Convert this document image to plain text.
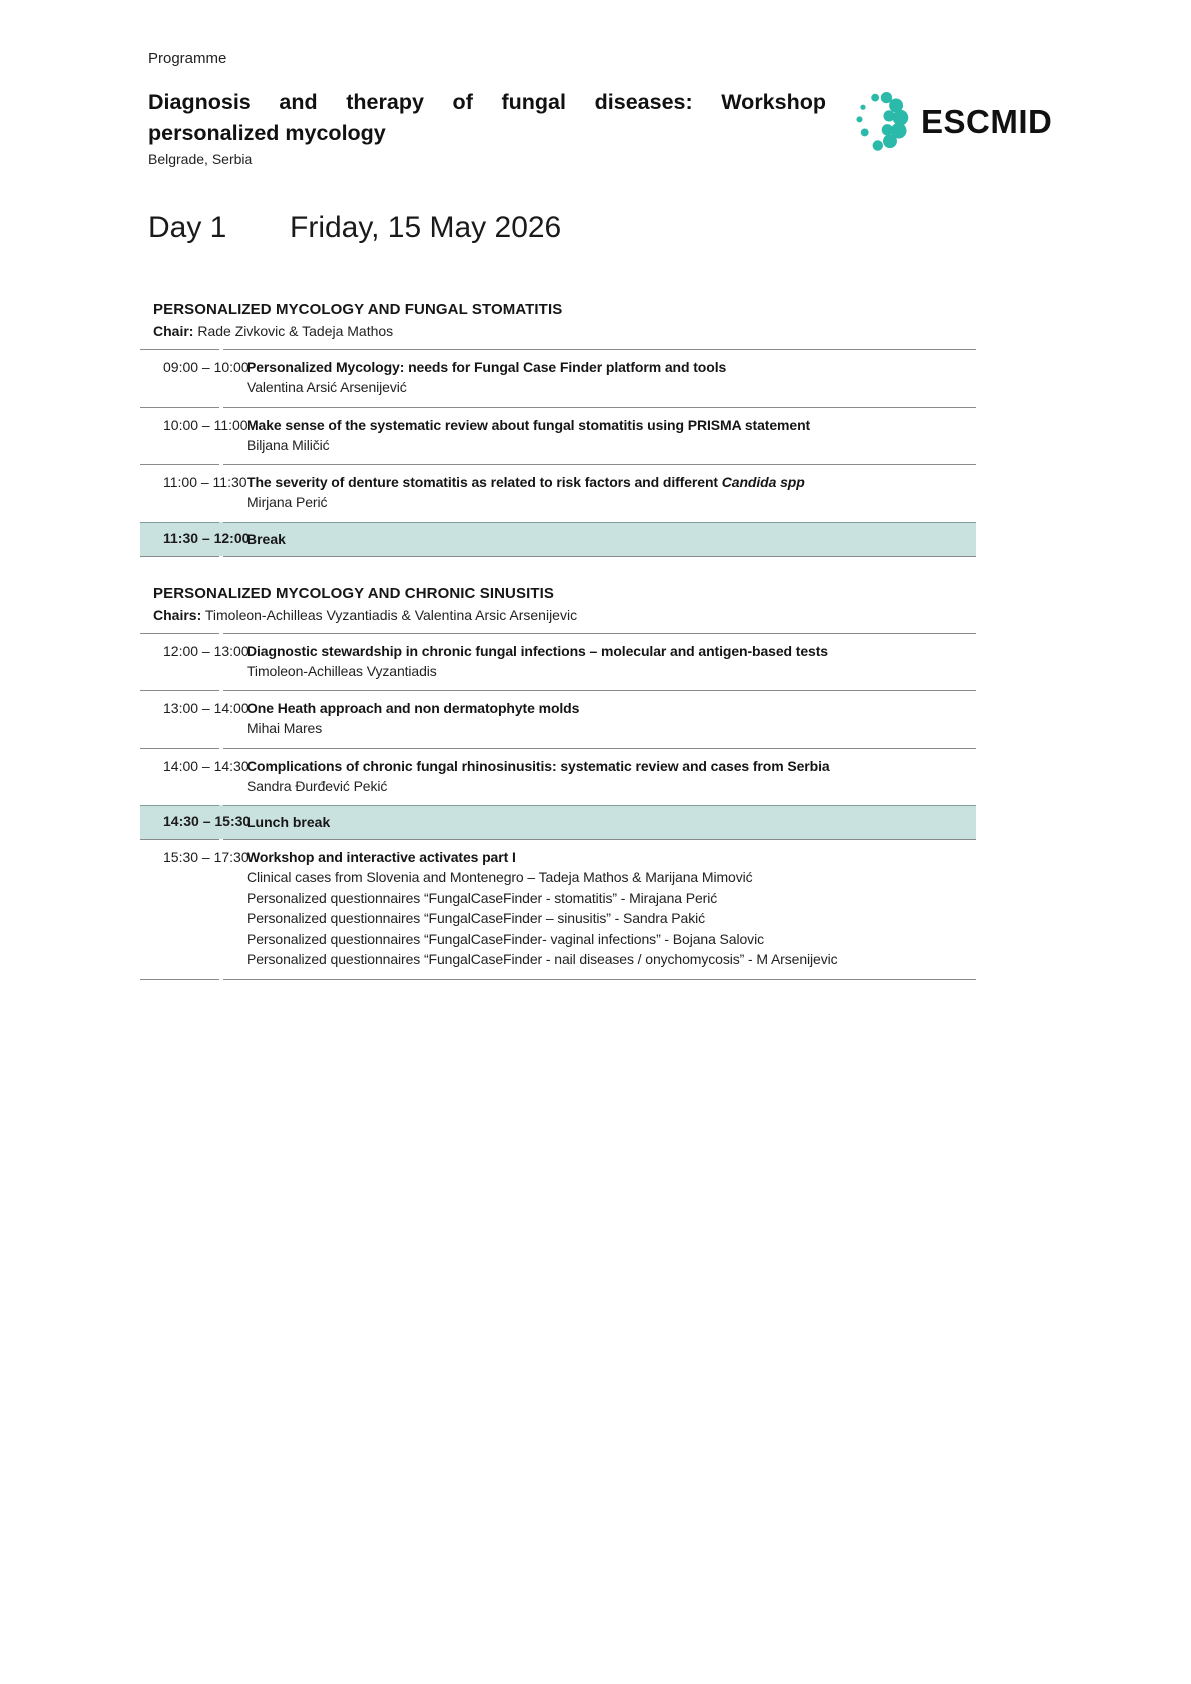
ESCMID
Programme
Diagnosis and therapy of fungal diseases: Workshop
personalized mycology
Belgrade, Serbia
Day 1	Friday, 15 May 2026
PERSONALIZED MYCOLOGY AND FUNGAL STOMATITIS
Chair: Rade Zivkovic & Tadeja Mathos
09:00 – 10:00
Personalized Mycology: needs for Fungal Case Finder platform and tools
Valentina Arsić Arsenijević
10:00 – 11:00 Make sense of the systematic review about fungal stomatitis using PRISMA statement
Biljana Miličić
11:00 – 11:30 The severity of denture stomatitis as related to risk factors and different Candida spp
Mirjana Perić
11:30 – 12:00
Break
PERSONALIZED MYCOLOGY AND CHRONIC SINUSITIS
Chairs: Timoleon-Achilleas Vyzantiadis & Valentina Arsic Arsenijevic
12:00 – 13:00
Diagnostic stewardship in chronic fungal infections – molecular and antigen-based tests
Timoleon-Achilleas Vyzantiadis
13:00 – 14:00
One Heath approach and non dermatophyte molds
Mihai Mares
14:00 – 14:30
Complications of chronic fungal rhinosinusitis: systematic review and cases from Serbia
Sandra Đurđević Pekić
14:30 – 15:30
Lunch break
15:30 – 17:30
Workshop and interactive activates part I
Clinical cases from Slovenia and Montenegro – Tadeja Mathos & Marijana Mimović
Personalized questionnaires “FungalCaseFinder - stomatitis” - Mirajana Perić
Personalized questionnaires “FungalCaseFinder – sinusitis” - Sandra Pakić
Personalized questionnaires “FungalCaseFinder- vaginal infections” - Bojana Salovic
Personalized questionnaires “FungalCaseFinder - nail diseases / onychomycosis” - M Arsenijevic
